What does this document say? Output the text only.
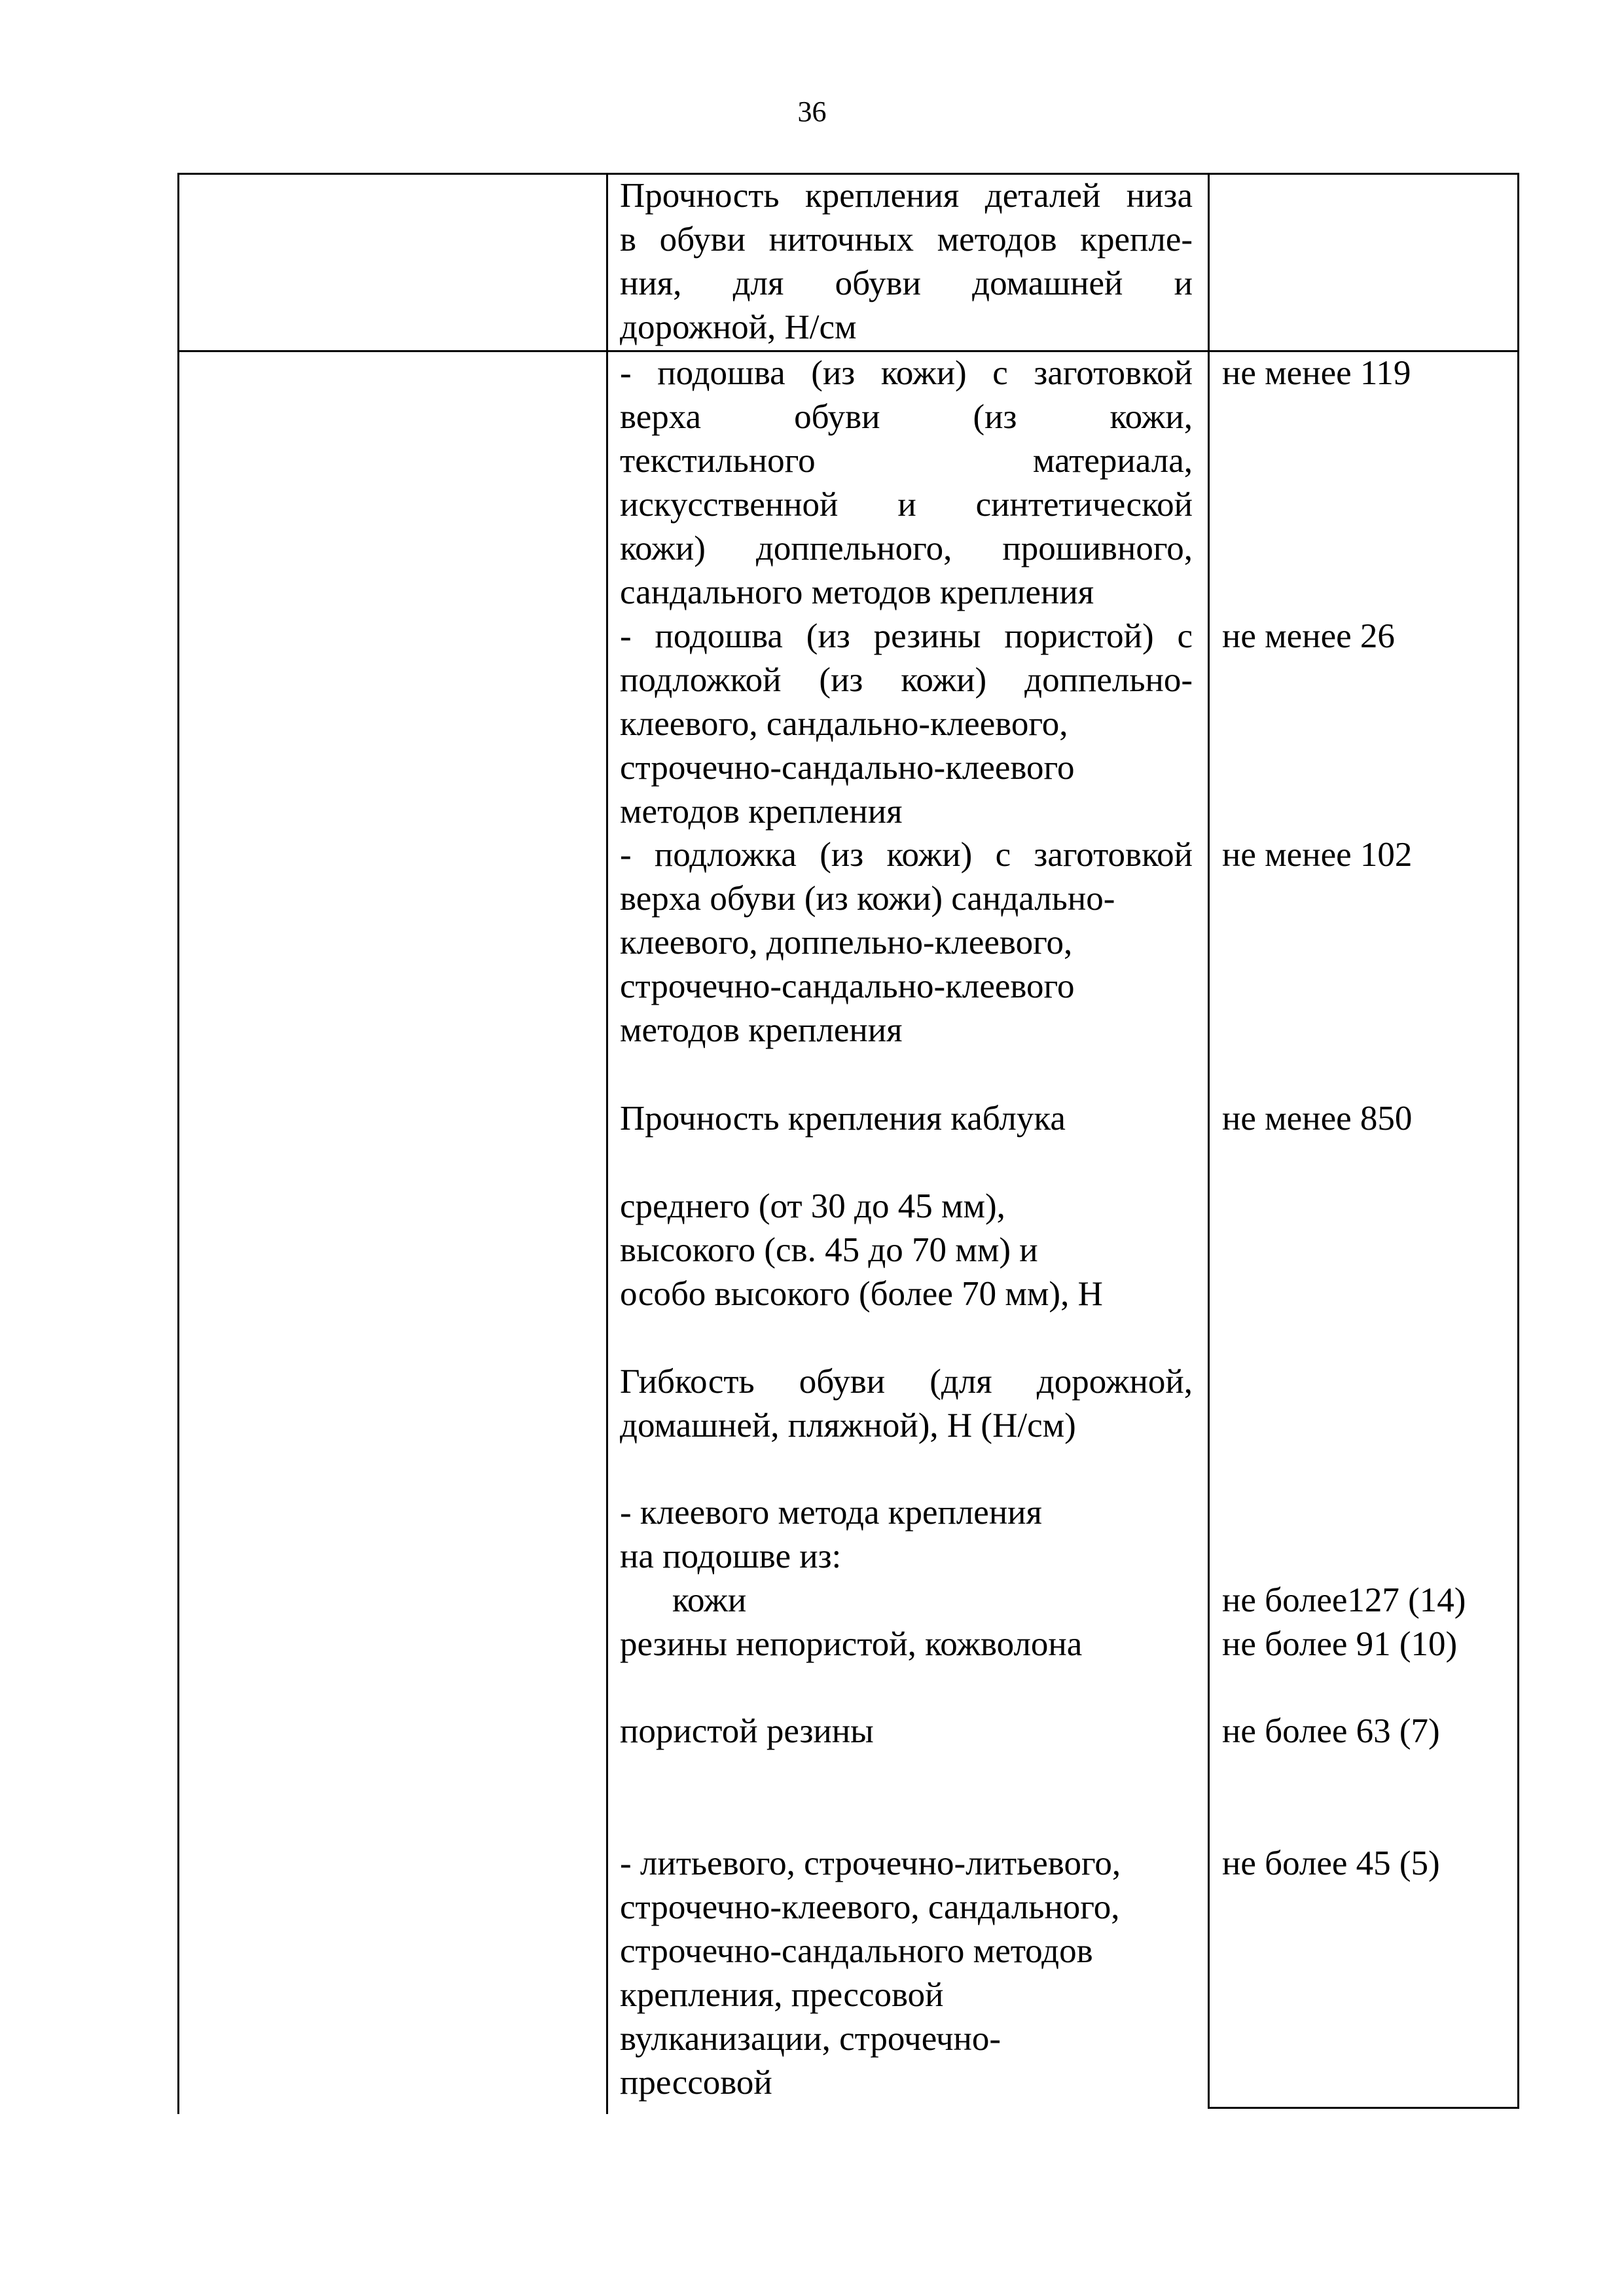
36
Прочность крепления деталей низа
в обуви ниточных методов крепле-
ния, для обуви домашней и
дорожной, Н/см
- подошва (из кожи) с заготовкой
верха обуви (из кожи,
текстильного материала,
искусственной и синтетической
кожи) доппельного, прошивного,
сандального методов крепления
не менее 119
- подошва (из резины пористой) с
подложкой (из кожи) доппельно-
клеевого, сандально-клеевого,
строчечно-сандально-клеевого
методов крепления
не менее 26
- подложка (из кожи) с заготовкой
верха обуви (из кожи) сандально-
клеевого, доппельно-клеевого,
строчечно-сандально-клеевого
методов крепления
не менее 102
Прочность крепления каблука	не менее 850
среднего (от 30 до 45 мм),
высокого (св. 45 до 70 мм) и
особо высокого (более 70 мм), Н
Гибкость обуви (для дорожной,
домашней, пляжной), Н (Н/см)
- клеевого метода крепления
на подошве из:
кожи
резины непористой, кожволона
не более127 (14)
не более 91 (10)
пористой резины	не более 63 (7)
- литьевого, строчечно-литьевого,
строчечно-клеевого, сандального,
строчечно-сандального методов
крепления, прессовой
вулканизации, строчечно-
прессовой
не более 45 (5)
